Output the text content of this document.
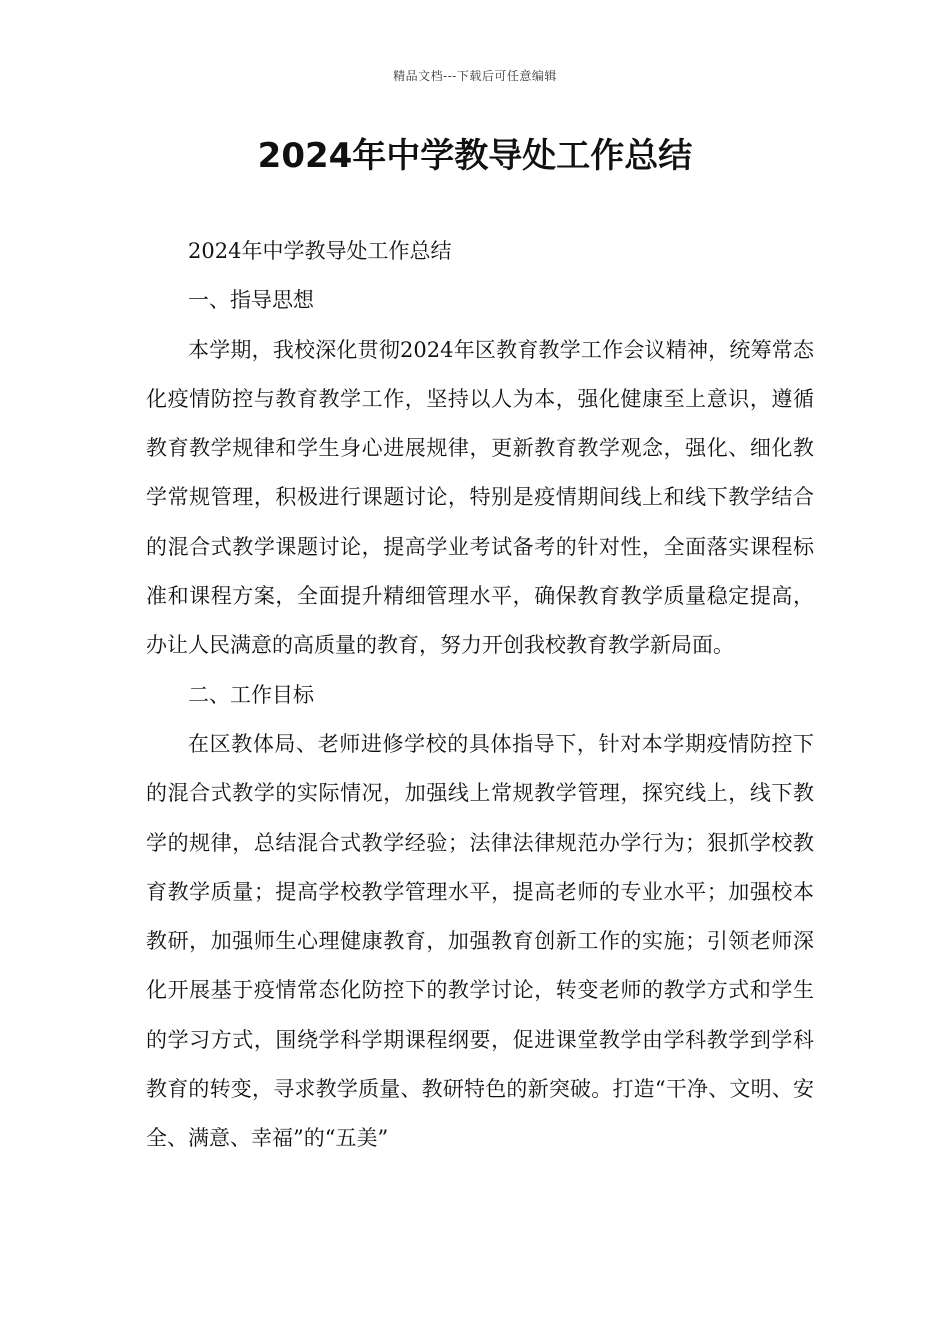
精品文档---下载后可任意编辑
2024年中学教导处工作总结

2024年中学教导处工作总结

一、指导思想

本学期，我校深化贯彻2024年区教育教学工作会议精神，统筹常态化疫情防控与教育教学工作，坚持以人为本，强化健康至上意识，遵循教育教学规律和学生身心进展规律，更新教育教学观念，强化、细化教学常规管理，积极进行课题讨论，特别是疫情期间线上和线下教学结合的混合式教学课题讨论，提高学业考试备考的针对性，全面落实课程标准和课程方案，全面提升精细管理水平，确保教育教学质量稳定提高，办让人民满意的高质量的教育，努力开创我校教育教学新局面。

二、工作目标

在区教体局、老师进修学校的具体指导下，针对本学期疫情防控下的混合式教学的实际情况，加强线上常规教学管理，探究线上，线下教学的规律，总结混合式教学经验；法律法律规范办学行为；狠抓学校教育教学质量；提高学校教学管理水平，提高老师的专业水平；加强校本教研，加强师生心理健康教育，加强教育创新工作的实施；引领老师深化开展基于疫情常态化防控下的教学讨论，转变老师的教学方式和学生的学习方式，围绕学科学期课程纲要，促进课堂教学由学科教学到学科教育的转变，寻求教学质量、教研特色的新突破。打造“干净、文明、安全、满意、幸福”的“五美”
